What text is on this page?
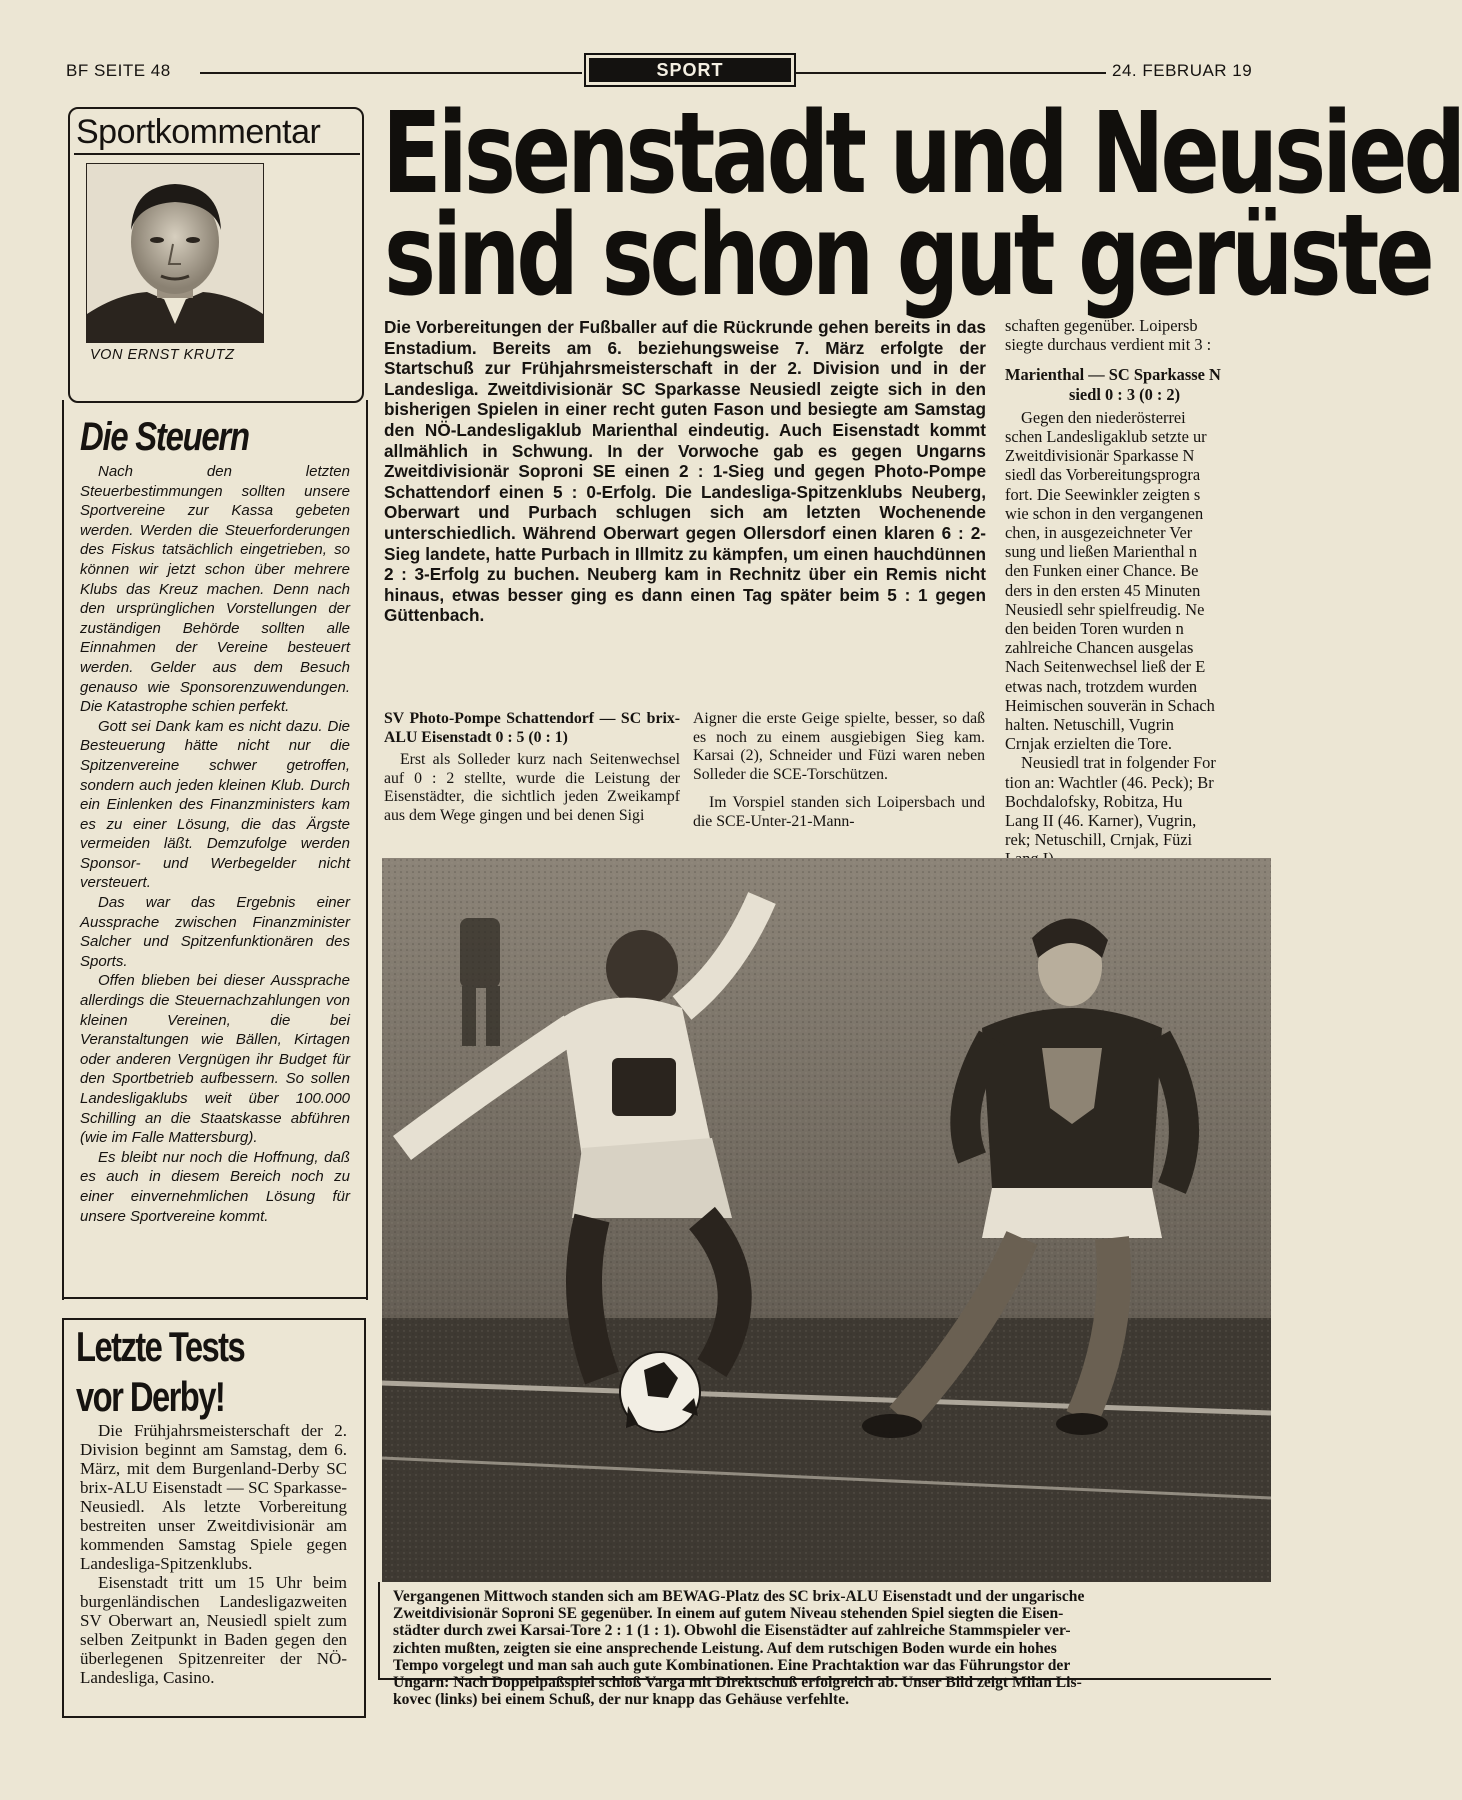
BF SEITE 48	SPORT	24. FEBRUAR 19
Sportkommentar
VON ERNST KRUTZ
Die Steuern

Nach den letzten Steuerbestimmungen sollten unsere Sportvereine zur Kassa gebeten werden. Werden die Steuerforderungen des Fiskus tatsächlich eingetrieben, so können wir jetzt schon über mehrere Klubs das Kreuz machen. Denn nach den ursprünglichen Vorstellungen der zuständigen Behörde sollten alle Einnahmen der Vereine besteuert werden. Gelder aus dem Besuch genauso wie Sponsorenzuwendungen. Die Katastrophe schien perfekt.

Gott sei Dank kam es nicht dazu. Die Besteuerung hätte nicht nur die Spitzenvereine schwer getroffen, sondern auch jeden kleinen Klub. Durch ein Einlenken des Finanzministers kam es zu einer Lösung, die das Ärgste vermeiden läßt. Demzufolge werden Sponsor- und Werbegelder nicht versteuert.

Das war das Ergebnis einer Aussprache zwischen Finanzminister Salcher und Spitzenfunktionären des Sports.

Offen blieben bei dieser Aussprache allerdings die Steuernachzahlungen von kleinen Vereinen, die bei Veranstaltungen wie Bällen, Kirtagen oder anderen Vergnügen ihr Budget für den Sportbetrieb aufbessern. So sollen Landesligaklubs weit über 100.000 Schilling an die Staatskasse abführen (wie im Falle Mattersburg).

Es bleibt nur noch die Hoffnung, daß es auch in diesem Bereich noch zu einer einvernehmlichen Lösung für unsere Sportvereine kommt.

Letzte Tests
vor Derby!

Die Frühjahrsmeisterschaft der 2. Division beginnt am Samstag, dem 6. März, mit dem Burgenland-Derby SC brix-ALU Eisenstadt — SC Sparkasse-Neusiedl. Als letzte Vorbereitung bestreiten unser Zweitdivisionär am kommenden Samstag Spiele gegen Landesliga-Spitzenklubs.

Eisenstadt tritt um 15 Uhr beim burgenländischen Landesligazweiten SV Oberwart an, Neusiedl spielt zum selben Zeitpunkt in Baden gegen den überlegenen Spitzenreiter der NÖ-Landesliga, Casino.

Eisenstadt und Neusied
sind schon gut gerüste
Die Vorbereitungen der Fußballer auf die Rückrunde gehen bereits in das Enstadium. Bereits am 6. beziehungsweise 7. März erfolgte der Startschuß zur Frühjahrsmeisterschaft in der 2. Division und in der Landesliga. Zweitdivisionär SC Sparkasse Neusiedl zeigte sich in den bisherigen Spielen in einer recht guten Fason und besiegte am Samstag den NÖ-Landesligaklub Marienthal eindeutig. Auch Eisenstadt kommt allmählich in Schwung. In der Vorwoche gab es gegen Ungarns Zweitdivisionär Soproni SE einen 2 : 1-Sieg und gegen Photo-Pompe Schattendorf einen 5 : 0-Erfolg. Die Landesliga-Spitzenklubs Neuberg, Oberwart und Purbach schlugen sich am letzten Wochenende unterschiedlich. Während Oberwart gegen Ollersdorf einen klaren 6 : 2-Sieg landete, hatte Purbach in Illmitz zu kämpfen, um einen hauchdünnen 2 : 3-Erfolg zu buchen. Neuberg kam in Rechnitz über ein Remis nicht hinaus, etwas besser ging es dann einen Tag später beim 5 : 1 gegen Güttenbach.

SV Photo-Pompe Schattendorf — SC brix-ALU Eisenstadt 0 : 5 (0 : 1)

Erst als Solleder kurz nach Seitenwechsel auf 0 : 2 stellte, wurde die Leistung der Eisenstädter, die sichtlich jeden Zweikampf aus dem Wege gingen und bei denen Sigi

Aigner die erste Geige spielte, besser, so daß es noch zu einem ausgiebigen Sieg kam. Karsai (2), Schneider und Füzi waren neben Solleder die SCE-Torschützen.

Im Vorspiel standen sich Loipersbach und die SCE-Unter-21-Mann-

schaften gegenüber. Loipersb
siegte durchaus verdient mit 3 :
Marienthal — SC Sparkasse N
siedl 0 : 3 (0 : 2)
Gegen den niederösterrei
schen Landesligaklub setzte ur
Zweitdivisionär Sparkasse N
siedl das Vorbereitungsprogra
fort. Die Seewinkler zeigten s
wie schon in den vergangenen
chen, in ausgezeichneter Ver
sung und ließen Marienthal n
den Funken einer Chance. Be
ders in den ersten 45 Minuten
Neusiedl sehr spielfreudig. Ne
den beiden Toren wurden n
zahlreiche Chancen ausgelas
Nach Seitenwechsel ließ der E
etwas nach, trotzdem wurden
Heimischen souverän in Schach
halten. Netuschill, Vugrin
Crnjak erzielten die Tore.
Neusiedl trat in folgender For
tion an: Wachtler (46. Peck); Br
Bochdalofsky, Robitza, Hu
Lang II (46. Karner), Vugrin,
rek; Netuschill, Crnjak, Füzi
Vergangenen Mittwoch standen sich am BEWAG-Platz des SC brix-ALU Eisenstadt und der ungarische
Zweitdivisionär Soproni SE gegenüber. In einem auf gutem Niveau stehenden Spiel siegten die Eisen-
städter durch zwei Karsai-Tore 2 : 1 (1 : 1). Obwohl die Eisenstädter auf zahlreiche Stammspieler ver-
zichten mußten, zeigten sie eine ansprechende Leistung. Auf dem rutschigen Boden wurde ein hohes
Tempo vorgelegt und man sah auch gute Kombinationen. Eine Prachtaktion war das Führungstor der
Ungarn: Nach Doppelpaßspiel schloß Varga mit Direktschuß erfolgreich ab. Unser Bild zeigt Milan Lis-
kovec (links) bei einem Schuß, der nur knapp das Gehäuse verfehlte.
